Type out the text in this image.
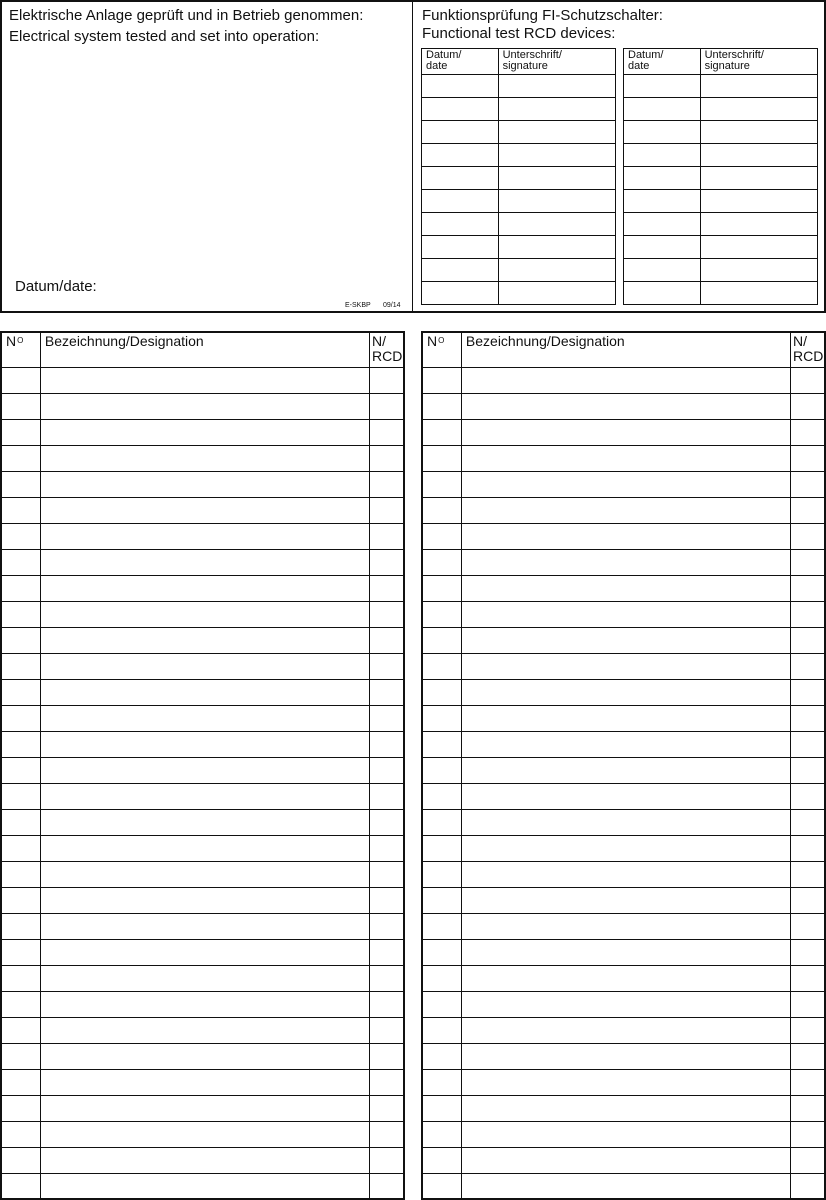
Elektrische Anlage geprüft und in Betrieb genommen:
Electrical system tested and set into operation:
Datum/date:
E-SKBP 09/14
Funktionsprüfung FI-Schutzschalter:
Functional test RCD devices:
Datum/
date	Unterschrift/
signature

Datum/
date	Unterschrift/
signature

$N^O$	Bezeichnung/Designation	N/
RCD

$N^O$	Bezeichnung/Designation	N/
RCD
